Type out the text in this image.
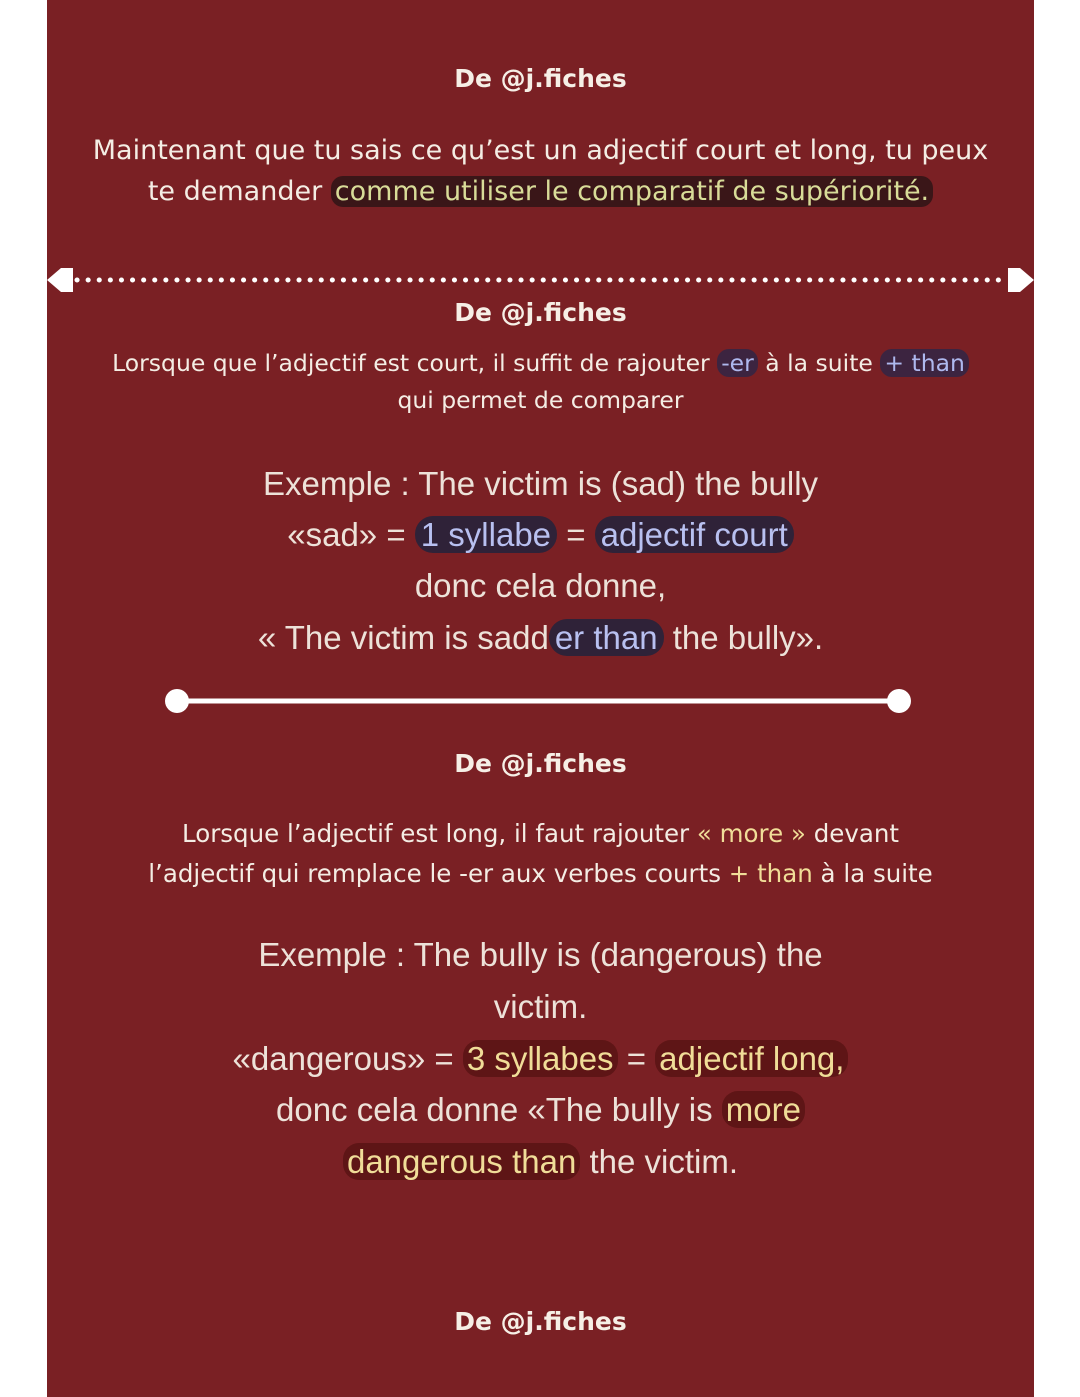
De @j.fiches
Maintenant que tu sais ce qu’est un adjectif court et long, tu peux
te demander comme utiliser le comparatif de supériorité.
De @j.fiches
Lorsque que l’adjectif est court, il suffit de rajouter -er à la suite + than
qui permet de comparer
Exemple : The victim is (sad) the bully
«sad» = 1 syllabe = adjectif court
donc cela donne,
« The victim is sadd er than the bully».
De @j.fiches
Lorsque l’adjectif est long, il faut rajouter « more » devant
l’adjectif qui remplace le -er aux verbes courts + than à la suite
Exemple : The bully is (dangerous) the
victim.
«dangerous» = 3 syllabes = adjectif long,
donc cela donne «The bully is more
dangerous than the victim.
De @j.fiches
